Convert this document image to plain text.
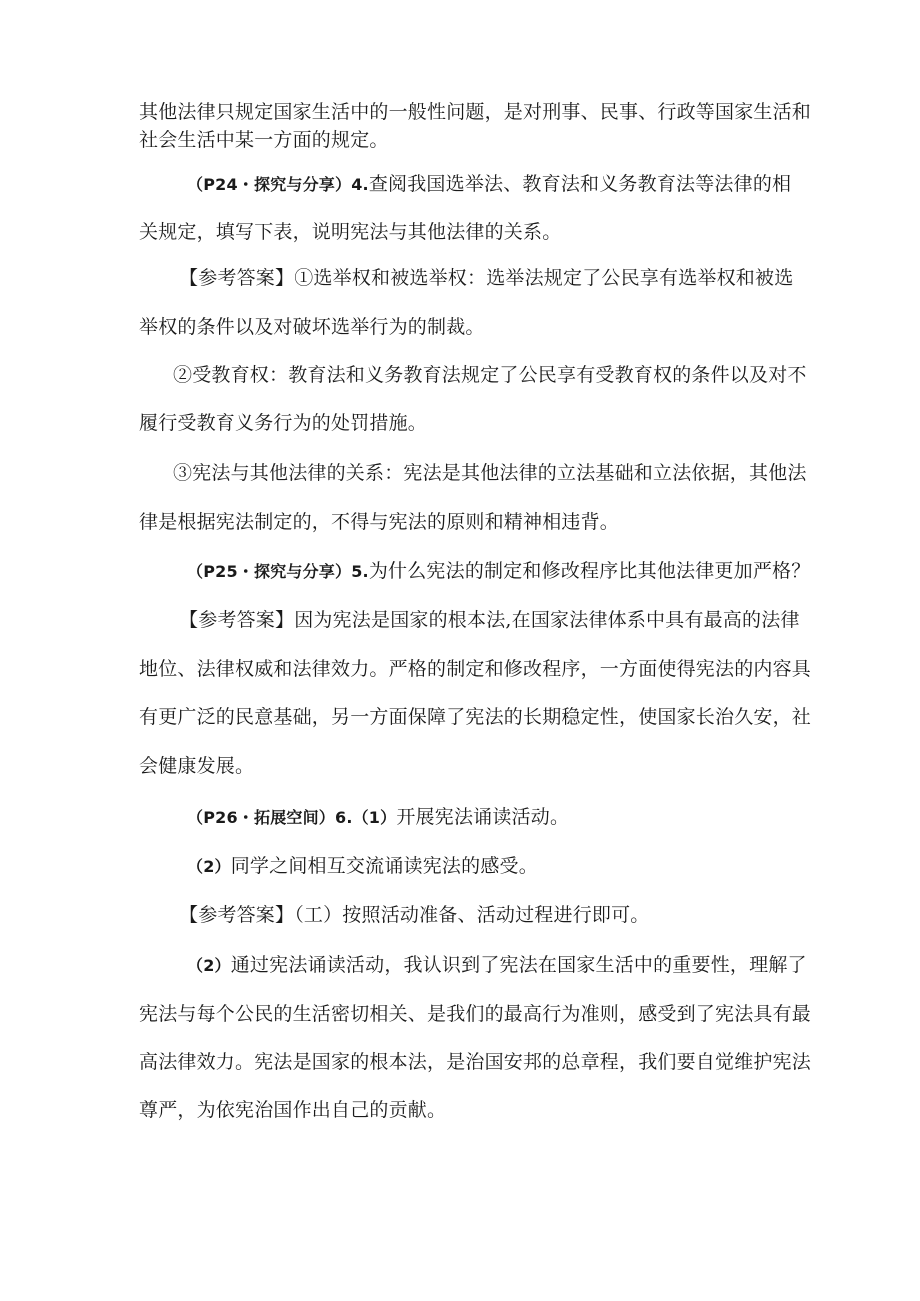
其他法律只规定国家生活中的一般性问题，是对刑事、民事、行政等国家生活和
社会生活中某一方面的规定。
（P24・探究与分享）4.查阅我国选举法、教育法和义务教育法等法律的相
关规定，填写下表，说明宪法与其他法律的关系。
【参考答案】①选举权和被选举权：选举法规定了公民享有选举权和被选
举权的条件以及对破坏选举行为的制裁。
②受教育权：教育法和义务教育法规定了公民享有受教育权的条件以及对不
履行受教育义务行为的处罚措施。
③宪法与其他法律的关系：宪法是其他法律的立法基础和立法依据，其他法
律是根据宪法制定的，不得与宪法的原则和精神相违背。
（P25・探究与分享）5.为什么宪法的制定和修改程序比其他法律更加严格？
【参考答案】因为宪法是国家的根本法,在国家法律体系中具有最高的法律
地位、法律权威和法律效力。严格的制定和修改程序，一方面使得宪法的内容具
有更广泛的民意基础，另一方面保障了宪法的长期稳定性，使国家长治久安，社
会健康发展。
（P26・拓展空间）6.（1）开展宪法诵读活动。
（2）同学之间相互交流诵读宪法的感受。
【参考答案】（工）按照活动准备、活动过程进行即可。
（2）通过宪法诵读活动，我认识到了宪法在国家生活中的重要性，理解了
宪法与每个公民的生活密切相关、是我们的最高行为准则，感受到了宪法具有最
高法律效力。宪法是国家的根本法，是治国安邦的总章程，我们要自觉维护宪法
尊严，为依宪治国作出自己的贡献。
